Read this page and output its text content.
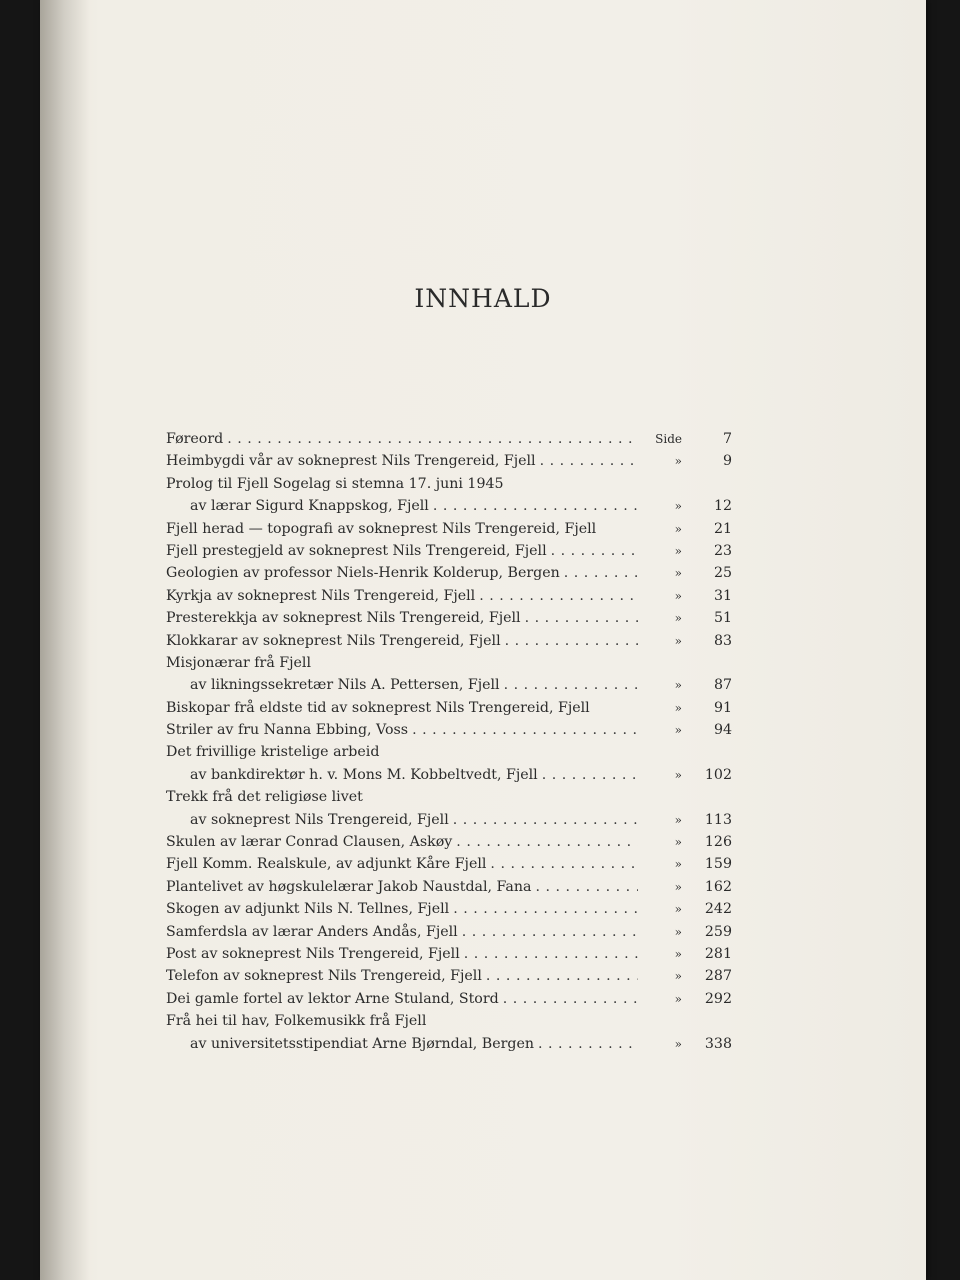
INNHALD
Føreord . . .	Side	7
Heimbygdi vår av sokneprest Nils Trengereid, Fjell . . .	»	9
Prolog til Fjell Sogelag si stemna 17. juni 1945
av lærar Sigurd Knappskog, Fjell . . .	»	12
Fjell herad — topografi av sokneprest Nils Trengereid, Fjell	»	21
Fjell prestegjeld av sokneprest Nils Trengereid, Fjell . . .	»	23
Geologien av professor Niels-Henrik Kolderup, Bergen . . .	»	25
Kyrkja av sokneprest Nils Trengereid, Fjell . . .	»	31
Presterekkja av sokneprest Nils Trengereid, Fjell . . .	»	51
Klokkarar av sokneprest Nils Trengereid, Fjell . . .	»	83
Misjonærar frå Fjell
av likningssekretær Nils A. Pettersen, Fjell . . .	»	87
Biskopar frå eldste tid av sokneprest Nils Trengereid, Fjell	»	91
Striler av fru Nanna Ebbing, Voss . . .	»	94
Det frivillige kristelige arbeid
av bankdirektør h. v. Mons M. Kobbeltvedt, Fjell . . .	»	102
Trekk frå det religiøse livet
av sokneprest Nils Trengereid, Fjell . . .	»	113
Skulen av lærar Conrad Clausen, Askøy . . .	»	126
Fjell Komm. Realskule, av adjunkt Kåre Fjell . . .	»	159
Plantelivet av høgskulelærar Jakob Naustdal, Fana . . .	»	162
Skogen av adjunkt Nils N. Tellnes, Fjell . . .	»	242
Samferdsla av lærar Anders Andås, Fjell . . .	»	259
Post av sokneprest Nils Trengereid, Fjell . . .	»	281
Telefon av sokneprest Nils Trengereid, Fjell . . .	»	287
Dei gamle fortel av lektor Arne Stuland, Stord . . .	»	292
Frå hei til hav, Folkemusikk frå Fjell
av universitetsstipendiat Arne Bjørndal, Bergen . . .	»	338
